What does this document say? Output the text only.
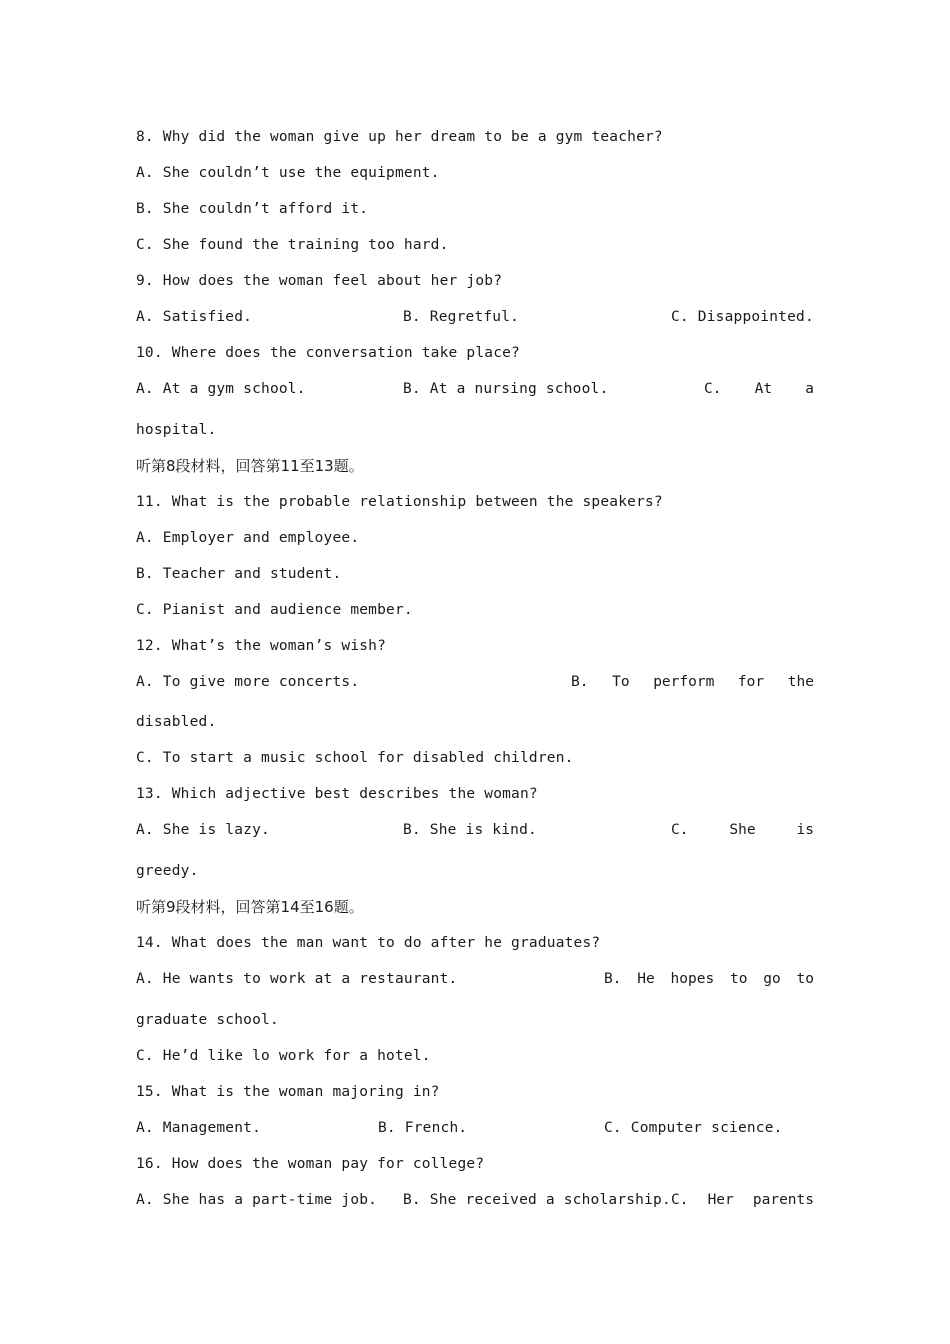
8. Why did the woman give up her dream to be a gym teacher?
A. She couldn’t use the equipment.
B. She couldn’t afford it.
C. She found the training too hard.
9. How does the woman feel about her job?
A. Satisfied.	B. Regretful.	C. Disappointed.
10. Where does the conversation take place?
A. At a gym school.	B. At a nursing school.	C. At a
hospital.
听第8段材料，回答第11至13题。
11. What is the probable relationship between the speakers?
A. Employer and employee.
B. Teacher and student.
C. Pianist and audience member.
12. What’s the woman’s wish?
A. To give more concerts.	B. To perform for the
disabled.
C. To start a music school for disabled children.
13. Which adjective best describes the woman?
A. She is lazy.	B. She is kind.	C.	She	is
greedy.
听第9段材料，回答第14至16题。
14. What does the man want to do after he graduates?
A. He wants to work at a restaurant.	B. He hopes to go to
graduate school.
C. He’d like lo work for a hotel.
15. What is the woman majoring in?
A. Management.	B. French.	C. Computer science.
16. How does the woman pay for college?
A. She has a part-time job. B. She received a scholarship. C. Her parents
